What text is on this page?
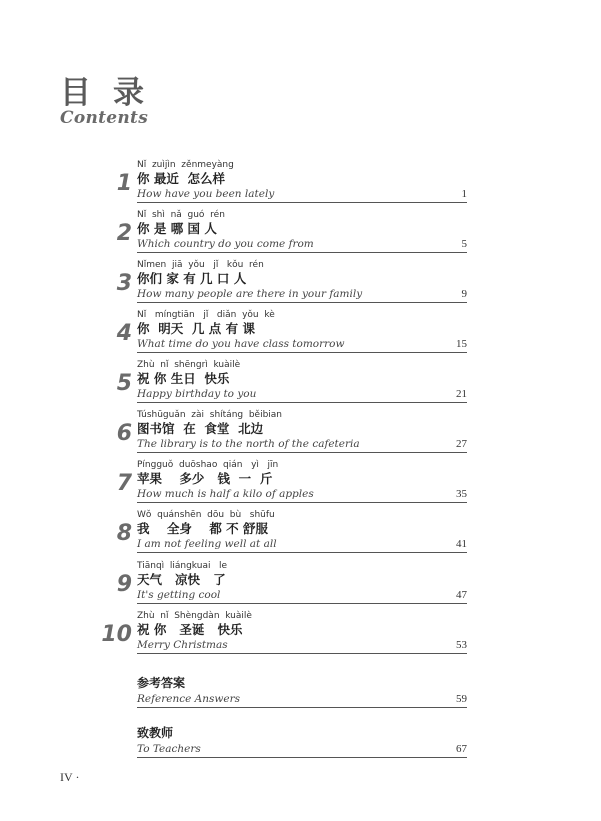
目录
Contents
1
Nǐ  zuìjìn  zěnmeyàng
你 最近  怎么样
How have you been lately	1
2
Nǐ  shì  nǎ  guó  rén
你 是 哪 国 人
Which country do you come from	5
3
Nǐmen  jiā  yǒu   jǐ   kǒu  rén
你们 家 有 几 口 人
How many people are there in your family	9
4
Nǐ   míngtiān   jǐ   diǎn  yǒu  kè
你  明天  几 点 有 课
What time do you have class tomorrow	15
5
Zhù  nǐ  shēngrì  kuàilè
祝 你 生日  快乐
Happy birthday to you	21
6
Túshūguǎn  zài  shítáng  běibian
图书馆  在  食堂  北边
The library is to the north of the cafeteria	27
7
Píngguǒ  duōshao  qián   yì   jīn
苹果    多少   钱  一  斤
How much is half a kilo of apples	35
8
Wǒ  quánshēn  dōu  bù   shūfu
我    全身    都 不 舒服
I am not feeling well at all	41
9
Tiānqì  liángkuai   le
天气   凉快   了
It's getting cool	47
10
Zhù  nǐ  Shèngdàn  kuàilè
祝 你   圣诞   快乐
Merry Christmas	53
参考答案
Reference Answers	59
致教师
To Teachers	67
IV ·
